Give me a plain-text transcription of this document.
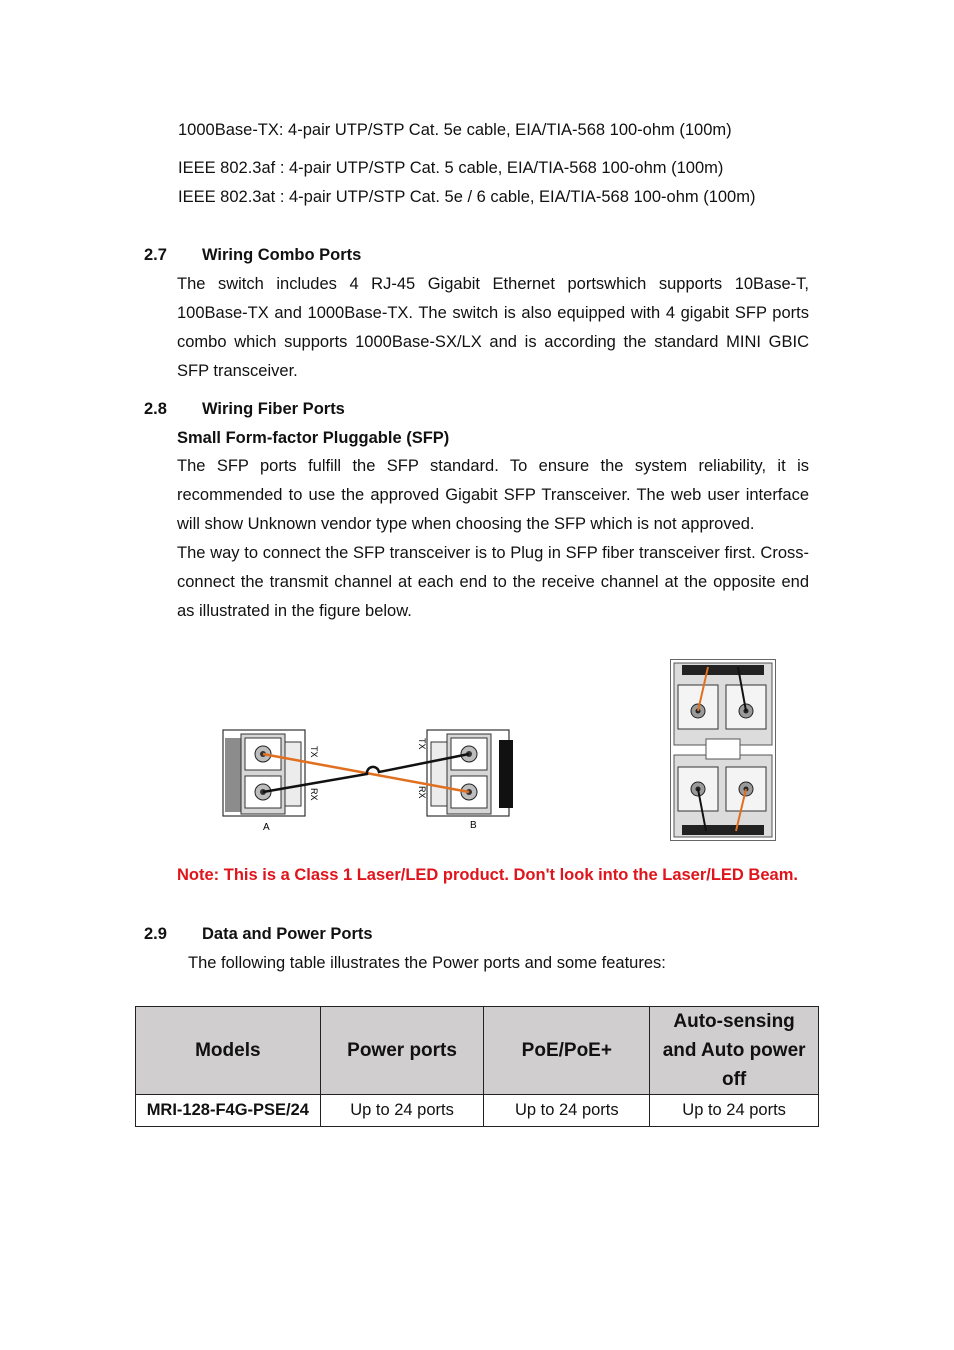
1000Base-TX: 4-pair UTP/STP Cat. 5e cable, EIA/TIA-568 100-ohm (100m)
IEEE 802.3af : 4-pair UTP/STP Cat. 5 cable, EIA/TIA-568 100-ohm (100m)
IEEE 802.3at : 4-pair UTP/STP Cat. 5e / 6 cable, EIA/TIA-568 100-ohm (100m)
2.7 Wiring Combo Ports

The switch includes 4 RJ-45 Gigabit Ethernet portswhich supports 10Base-T, 100Base-TX and 1000Base-TX. The switch is also equipped with 4 gigabit SFP ports combo which supports 1000Base-SX/LX and is according the standard MINI GBIC SFP transceiver.

2.8 Wiring Fiber Ports
Small Form-factor Pluggable (SFP)

The SFP ports fulfill the SFP standard. To ensure the system reliability, it is recommended to use the approved Gigabit SFP Transceiver. The web user interface will show Unknown vendor type when choosing the SFP which is not approved.

The way to connect the SFP transceiver is to Plug in SFP fiber transceiver first. Cross-connect the transmit channel at each end to the receive channel at the opposite end as illustrated in the figure below.

TX
RX
TX
RX
A	B
Note: This is a Class 1 Laser/LED product. Don't look into the Laser/LED Beam.
2.9 Data and Power Ports
The following table illustrates the Power ports and some features:
Models	Power ports	PoE/PoE+	Auto-sensing and Auto power off
MRI-128-F4G-PSE/24	Up to 24 ports	Up to 24 ports	Up to 24 ports
